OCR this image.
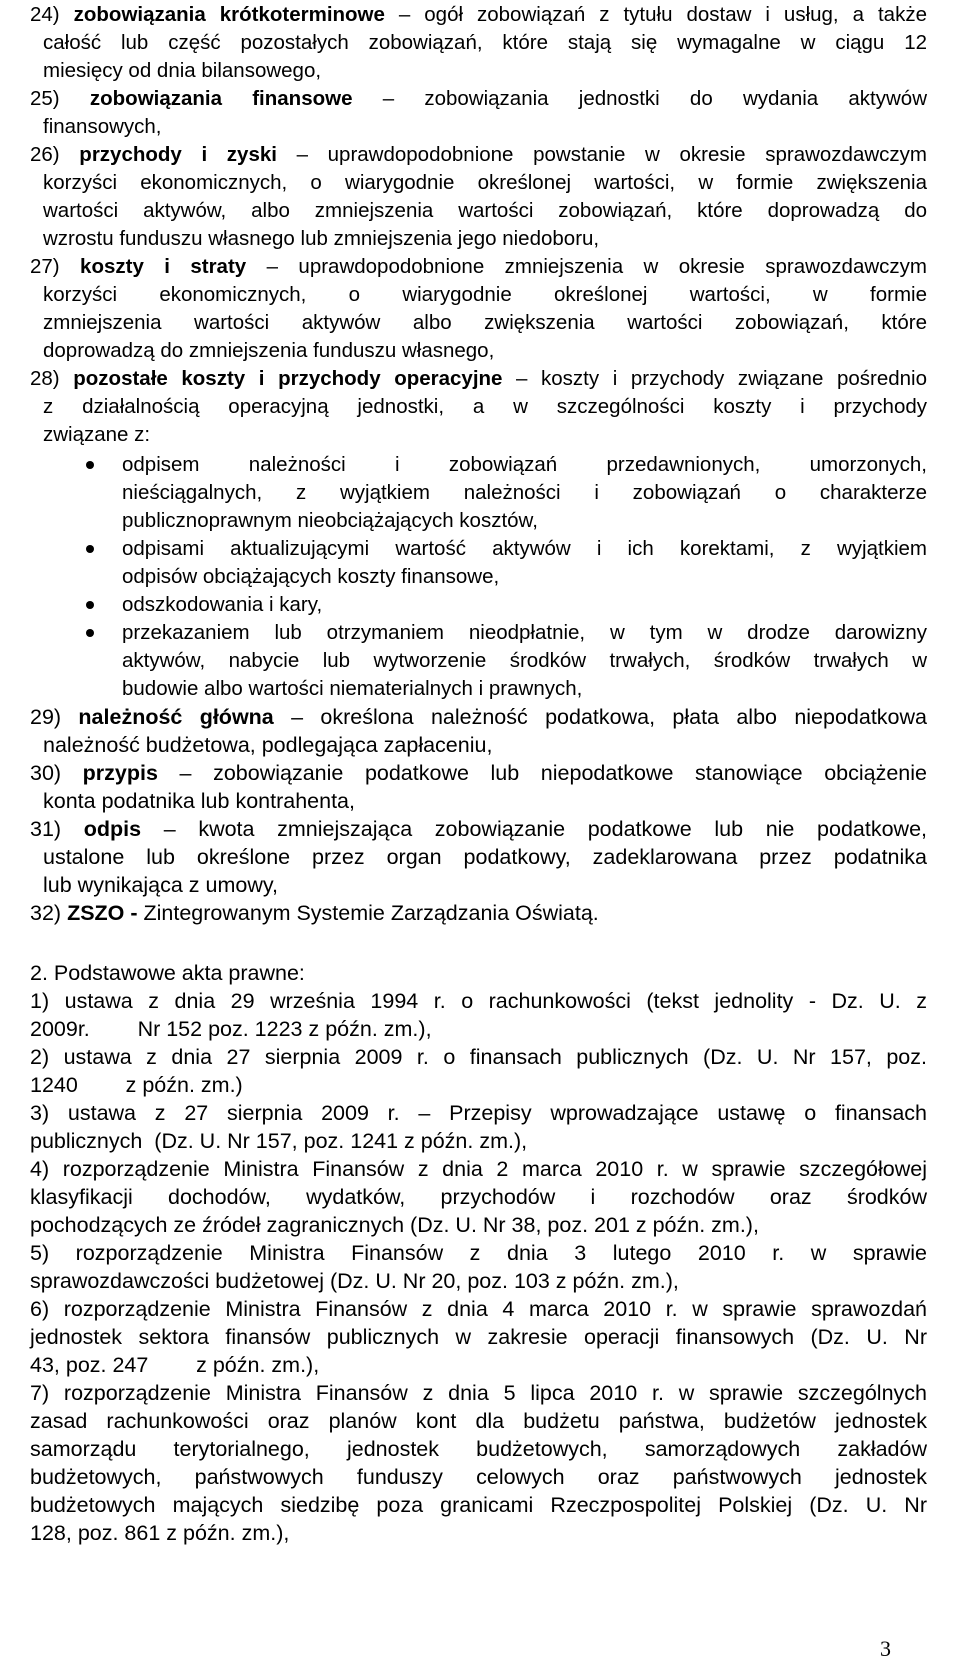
24) zobowiązania krótkoterminowe – ogół zobowiązań z tytułu dostaw i usług, a także
całość lub część pozostałych zobowiązań, które stają się wymagalne w ciągu 12
miesięcy od dnia bilansowego,
25) zobowiązania finansowe – zobowiązania jednostki do wydania aktywów
finansowych,
26) przychody i zyski – uprawdopodobnione powstanie w okresie sprawozdawczym
korzyści ekonomicznych, o wiarygodnie określonej wartości, w formie zwiększenia
wartości aktywów, albo zmniejszenia wartości zobowiązań, które doprowadzą do
wzrostu funduszu własnego lub zmniejszenia jego niedoboru,
27) koszty i straty – uprawdopodobnione zmniejszenia w okresie sprawozdawczym
korzyści ekonomicznych, o wiarygodnie określonej wartości, w formie
zmniejszenia wartości aktywów albo zwiększenia wartości zobowiązań, które
doprowadzą do zmniejszenia funduszu własnego,
28) pozostałe koszty i przychody operacyjne – koszty i przychody związane pośrednio
z działalnością operacyjną jednostki, a w szczególności koszty i przychody
związane z:
odpisem należności i zobowiązań przedawnionych, umorzonych,
nieściągalnych, z wyjątkiem należności i zobowiązań o charakterze
publicznoprawnym nieobciążających kosztów,
odpisami aktualizującymi wartość aktywów i ich korektami, z wyjątkiem
odpisów obciążających koszty finansowe,
odszkodowania i kary,
przekazaniem lub otrzymaniem nieodpłatnie, w tym w drodze darowizny
aktywów, nabycie lub wytworzenie środków trwałych, środków trwałych w
budowie albo wartości niematerialnych i prawnych,
29) należność główna – określona należność podatkowa, płata albo niepodatkowa
należność budżetowa, podlegająca zapłaceniu,
30) przypis – zobowiązanie podatkowe lub niepodatkowe stanowiące obciążenie
konta podatnika lub kontrahenta,
31) odpis – kwota zmniejszająca zobowiązanie podatkowe lub nie podatkowe,
ustalone lub określone przez organ podatkowy, zadeklarowana przez podatnika
lub wynikająca z umowy,
32) ZSZO - Zintegrowanym Systemie Zarządzania Oświatą.
2. Podstawowe akta prawne:
1) ustawa z dnia 29 września 1994 r. o rachunkowości (tekst jednolity - Dz. U. z
2009r.        Nr 152 poz. 1223 z późn. zm.),
2) ustawa z dnia 27 sierpnia 2009 r. o finansach publicznych (Dz. U. Nr 157, poz.
1240        z późn. zm.)
3) ustawa z 27 sierpnia 2009 r. – Przepisy wprowadzające ustawę o finansach
publicznych  (Dz. U. Nr 157, poz. 1241 z późn. zm.),
4) rozporządzenie Ministra Finansów z dnia 2 marca 2010 r. w sprawie szczegółowej
klasyfikacji dochodów, wydatków, przychodów i rozchodów oraz środków
pochodzących ze źródeł zagranicznych (Dz. U. Nr 38, poz. 201 z późn. zm.),
5) rozporządzenie Ministra Finansów z dnia 3 lutego 2010 r. w sprawie
sprawozdawczości budżetowej (Dz. U. Nr 20, poz. 103 z późn. zm.),
6) rozporządzenie Ministra Finansów z dnia 4 marca 2010 r. w sprawie sprawozdań
jednostek sektora finansów publicznych w zakresie operacji finansowych (Dz. U. Nr
43, poz. 247        z późn. zm.),
7) rozporządzenie Ministra Finansów z dnia 5 lipca 2010 r. w sprawie szczególnych
zasad rachunkowości oraz planów kont dla budżetu państwa, budżetów jednostek
samorządu terytorialnego, jednostek budżetowych, samorządowych zakładów
budżetowych, państwowych funduszy celowych oraz państwowych jednostek
budżetowych mających siedzibę poza granicami Rzeczpospolitej Polskiej (Dz. U. Nr
128, poz. 861 z późn. zm.),
3
